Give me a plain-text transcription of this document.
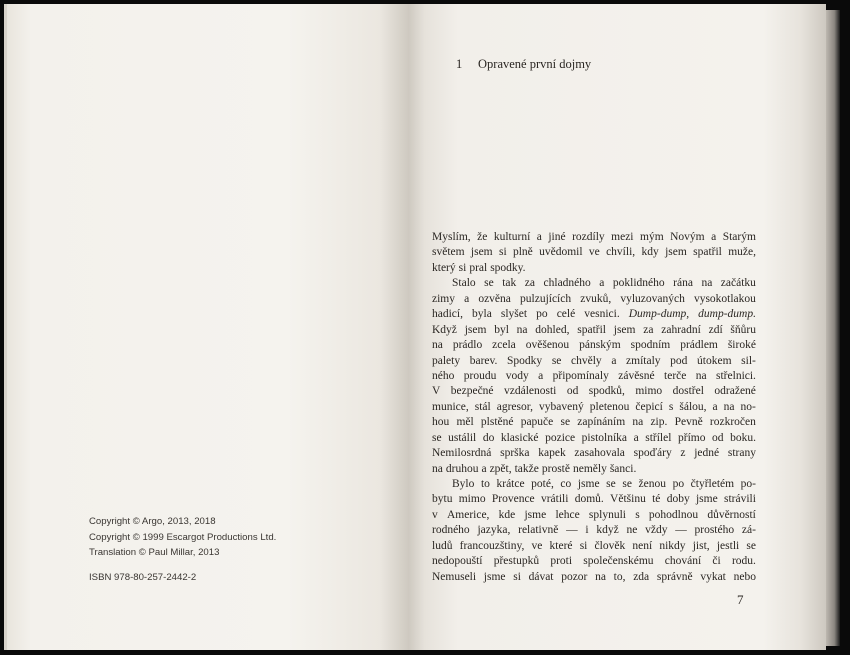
Copyright © Argo, 2013, 2018
Copyright © 1999 Escargot Productions Ltd.
Translation © Paul Millar, 2013
ISBN 978-80-257-2442-2
1 Opravené první dojmy
Myslím, že kulturní a jiné rozdíly mezi mým Novým a Starým
světem jsem si plně uvědomil ve chvíli, kdy jsem spatřil muže,
který si pral spodky.
Stalo se tak za chladného a poklidného rána na začátku
zimy a ozvěna pulzujících zvuků, vyluzovaných vysokotlakou
hadicí, byla slyšet po celé vesnici. Dump-dump, dump-dump.
Když jsem byl na dohled, spatřil jsem za zahradní zdí šňůru
na prádlo zcela ověšenou pánským spodním prádlem široké
palety barev. Spodky se chvěly a zmítaly pod útokem sil-
ného proudu vody a připomínaly závěsné terče na střelnici.
V bezpečné vzdálenosti od spodků, mimo dostřel odražené
munice, stál agresor, vybavený pletenou čepicí s šálou, a na no-
hou měl plstěné papuče se zapínáním na zip. Pevně rozkročen
se ustálil do klasické pozice pistolníka a střílel přímo od boku.
Nemilosrdná sprška kapek zasahovala spoďáry z jedné strany
na druhou a zpět, takže prostě neměly šanci.
Bylo to krátce poté, co jsme se se ženou po čtyřletém po-
bytu mimo Provence vrátili domů. Většinu té doby jsme strávili
v Americe, kde jsme lehce splynuli s pohodlnou důvěrností
rodného jazyka, relativně — i když ne vždy — prostého zá-
ludů francouzštiny, ve které si člověk není nikdy jist, jestli se
nedopouští přestupků proti společenskému chování či rodu.
Nemuseli jsme si dávat pozor na to, zda správně vykat nebo
7
